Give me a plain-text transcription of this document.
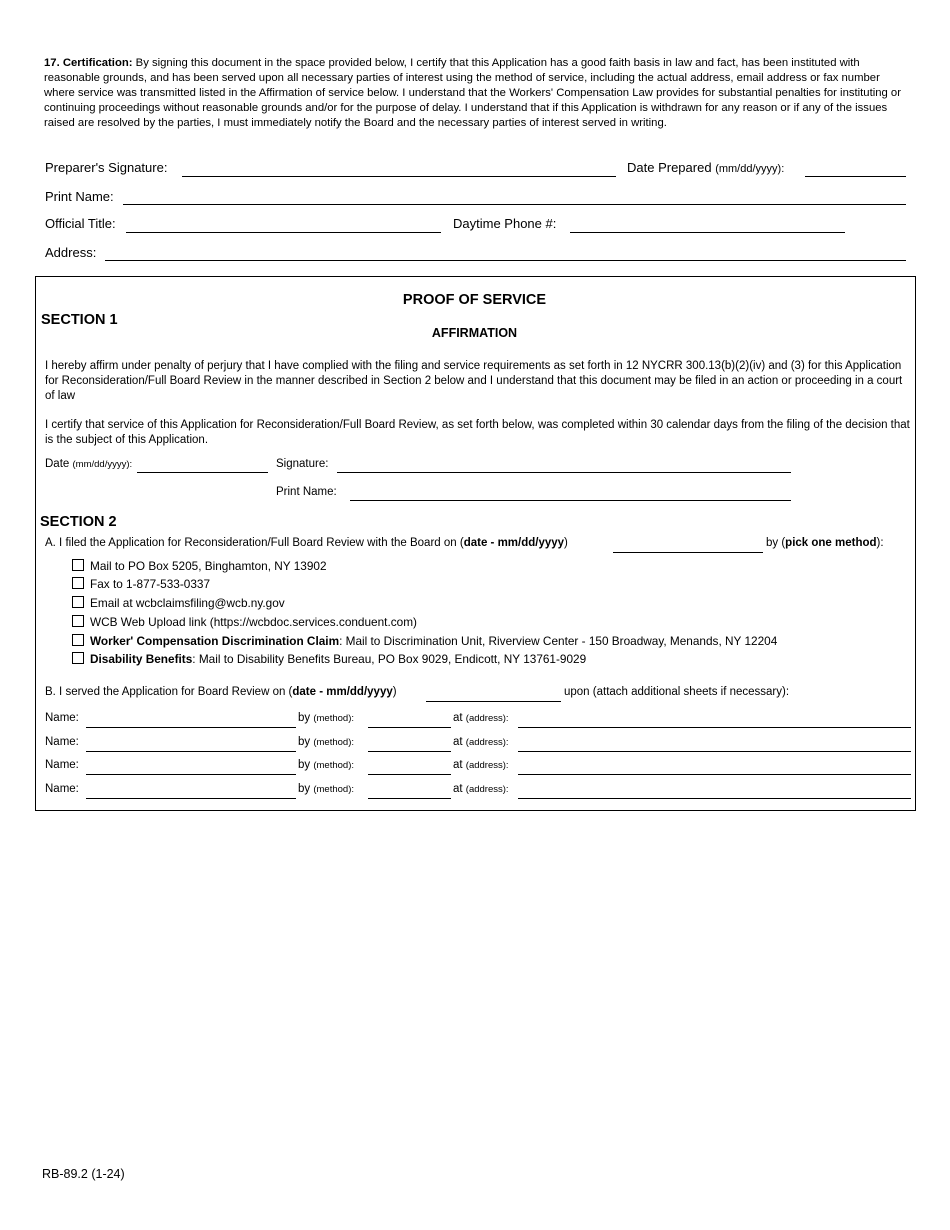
17. Certification: By signing this document in the space provided below, I certify that this Application has a good faith basis in law and fact, has been instituted with reasonable grounds, and has been served upon all necessary parties of interest using the method of service, including the actual address, email address or fax number where service was transmitted listed in the Affirmation of service below. I understand that the Workers' Compensation Law provides for substantial penalties for instituting or continuing proceedings without reasonable grounds and/or for the purpose of delay. I understand that if this Application is withdrawn for any reason or if any of the issues raised are resolved by the parties, I must immediately notify the Board and the necessary parties of interest served in writing.
Preparer's Signature:	Date Prepared (mm/dd/yyyy):
Print Name:
Official Title:	Daytime Phone #:
Address:
PROOF OF SERVICE
SECTION 1
AFFIRMATION
I hereby affirm under penalty of perjury that I have complied with the filing and service requirements as set forth in 12 NYCRR 300.13(b)(2)(iv) and (3) for this Application for Reconsideration/Full Board Review in the manner described in Section 2 below and I understand that this document may be filed in an action or proceeding in a court of law
I certify that service of this Application for Reconsideration/Full Board Review, as set forth below, was completed within 30 calendar days from the filing of the decision that is the subject of this Application.
Date (mm/dd/yyyy):	Signature:
Print Name:
SECTION 2
A. I filed the Application for Reconsideration/Full Board Review with the Board on (date - mm/dd/yyyy)	by (pick one method):
Mail to PO Box 5205, Binghamton, NY 13902
Fax to 1-877-533-0337
Email at wcbclaimsfiling@wcb.ny.gov
WCB Web Upload link (https://wcbdoc.services.conduent.com)
Worker' Compensation Discrimination Claim: Mail to Discrimination Unit, Riverview Center - 150 Broadway, Menands, NY 12204
Disability Benefits: Mail to Disability Benefits Bureau, PO Box 9029, Endicott, NY 13761-9029
B. I served the Application for Board Review on (date - mm/dd/yyyy)	upon (attach additional sheets if necessary):
Name:	by (method):	at (address):
Name:	by (method):	at (address):
Name:	by (method):	at (address):
Name:	by (method):	at (address):
RB-89.2 (1-24)
